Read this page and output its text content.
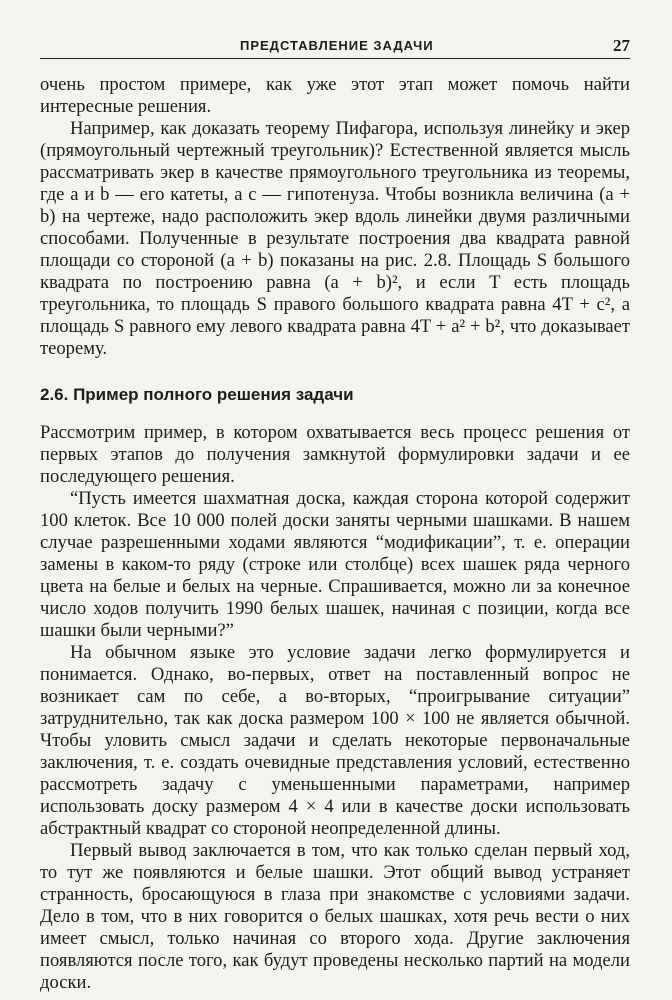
ПРЕДСТАВЛЕНИЕ ЗАДАЧИ	27

очень простом примере, как уже этот этап может помочь найти интересные решения.

Например, как доказать теорему Пифагора, используя линейку и экер (прямоугольный чертежный треугольник)? Естественной является мысль рассматривать экер в качестве прямоугольного треугольника из теоремы, где a и b — его катеты, а c — гипотенуза. Чтобы возникла величина (a + b) на чертеже, надо расположить экер вдоль линейки двумя различными способами. Полученные в результате построения два квадрата равной площади со стороной (a + b) показаны на рис. 2.8. Площадь S большого квадрата по построению равна (a + b)², и если T есть площадь треугольника, то площадь S правого большого квадрата равна 4T + c², а площадь S равного ему левого квадрата равна 4T + a² + b², что доказывает теорему.

2.6. Пример полного решения задачи

Рассмотрим пример, в котором охватывается весь процесс решения от первых этапов до получения замкнутой формулировки задачи и ее последующего решения.

“Пусть имеется шахматная доска, каждая сторона которой содержит 100 клеток. Все 10 000 полей доски заняты черными шашками. В нашем случае разрешенными ходами являются “модификации”, т. е. операции замены в каком-то ряду (строке или столбце) всех шашек ряда черного цвета на белые и белых на черные. Спрашивается, можно ли за конечное число ходов получить 1990 белых шашек, начиная с позиции, когда все шашки были черными?”

На обычном языке это условие задачи легко формулируется и понимается. Однако, во-первых, ответ на поставленный вопрос не возникает сам по себе, а во-вторых, “проигрывание ситуации” затруднительно, так как доска размером 100 × 100 не является обычной. Чтобы уловить смысл задачи и сделать некоторые первоначальные заключения, т. е. создать очевидные представления условий, естественно рассмотреть задачу с уменьшенными параметрами, например использовать доску размером 4 × 4 или в качестве доски использовать абстрактный квадрат со стороной неопределенной длины.

Первый вывод заключается в том, что как только сделан первый ход, то тут же появляются и белые шашки. Этот общий вывод устраняет странность, бросающуюся в глаза при знакомстве с условиями задачи. Дело в том, что в них говорится о белых шашках, хотя речь вести о них имеет смысл, только начиная со второго хода. Другие заключения появляются после того, как будут проведены несколько партий на модели доски.
